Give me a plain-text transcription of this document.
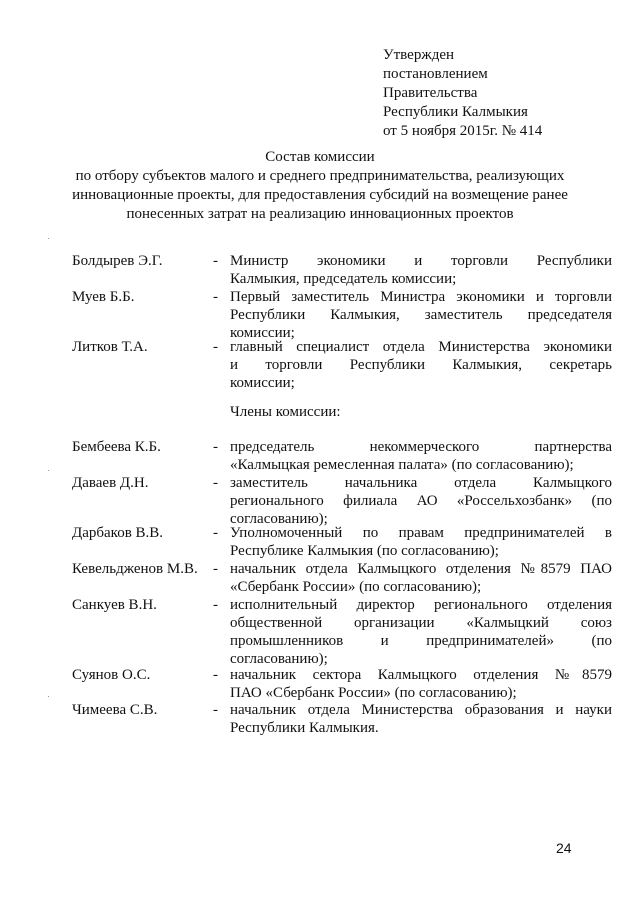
Утвержден
постановлением
Правительства
Республики Калмыкия
от 5 ноября 2015г. № 414
Состав комиссии
по отбору субъектов малого и среднего предпринимательства, реализующих
инновационные проекты, для предоставления субсидий на возмещение ранее
понесенных затрат на реализацию инновационных проектов
Болдырев Э.Г.	- Министр экономики и торговли Республики
Калмыкия, председатель комиссии;
Муев Б.Б.	- Первый заместитель Министра экономики и торговли
Республики Калмыкия, заместитель председателя
комиссии;
Литков Т.А.	- главный специалист отдела Министерства экономики
и торговли Республики Калмыкия, секретарь
комиссии;
Члены комиссии:
Бембеева К.Б.	- председатель некоммерческого партнерства
«Калмыцкая ремесленная палата» (по согласованию);
Даваев Д.Н.	- заместитель начальника отдела Калмыцкого
регионального филиала АО «Россельхозбанк» (по
согласованию);
Дарбаков В.В.	- Уполномоченный по правам предпринимателей в
Республике Калмыкия (по согласованию);
Кевельдженов М.В.	- начальник отдела Калмыцкого отделения №8579 ПАО
«Сбербанк России» (по согласованию);
Санкуев В.Н.	- исполнительный директор регионального отделения
общественной организации «Калмыцкий союз
промышленников и предпринимателей» (по
согласованию);
Суянов О.С.	- начальник сектора Калмыцкого отделения №8579
ПАО «Сбербанк России» (по согласованию);
Чимеева С.В.	- начальник отдела Министерства образования и науки
Республики Калмыкия.
24
